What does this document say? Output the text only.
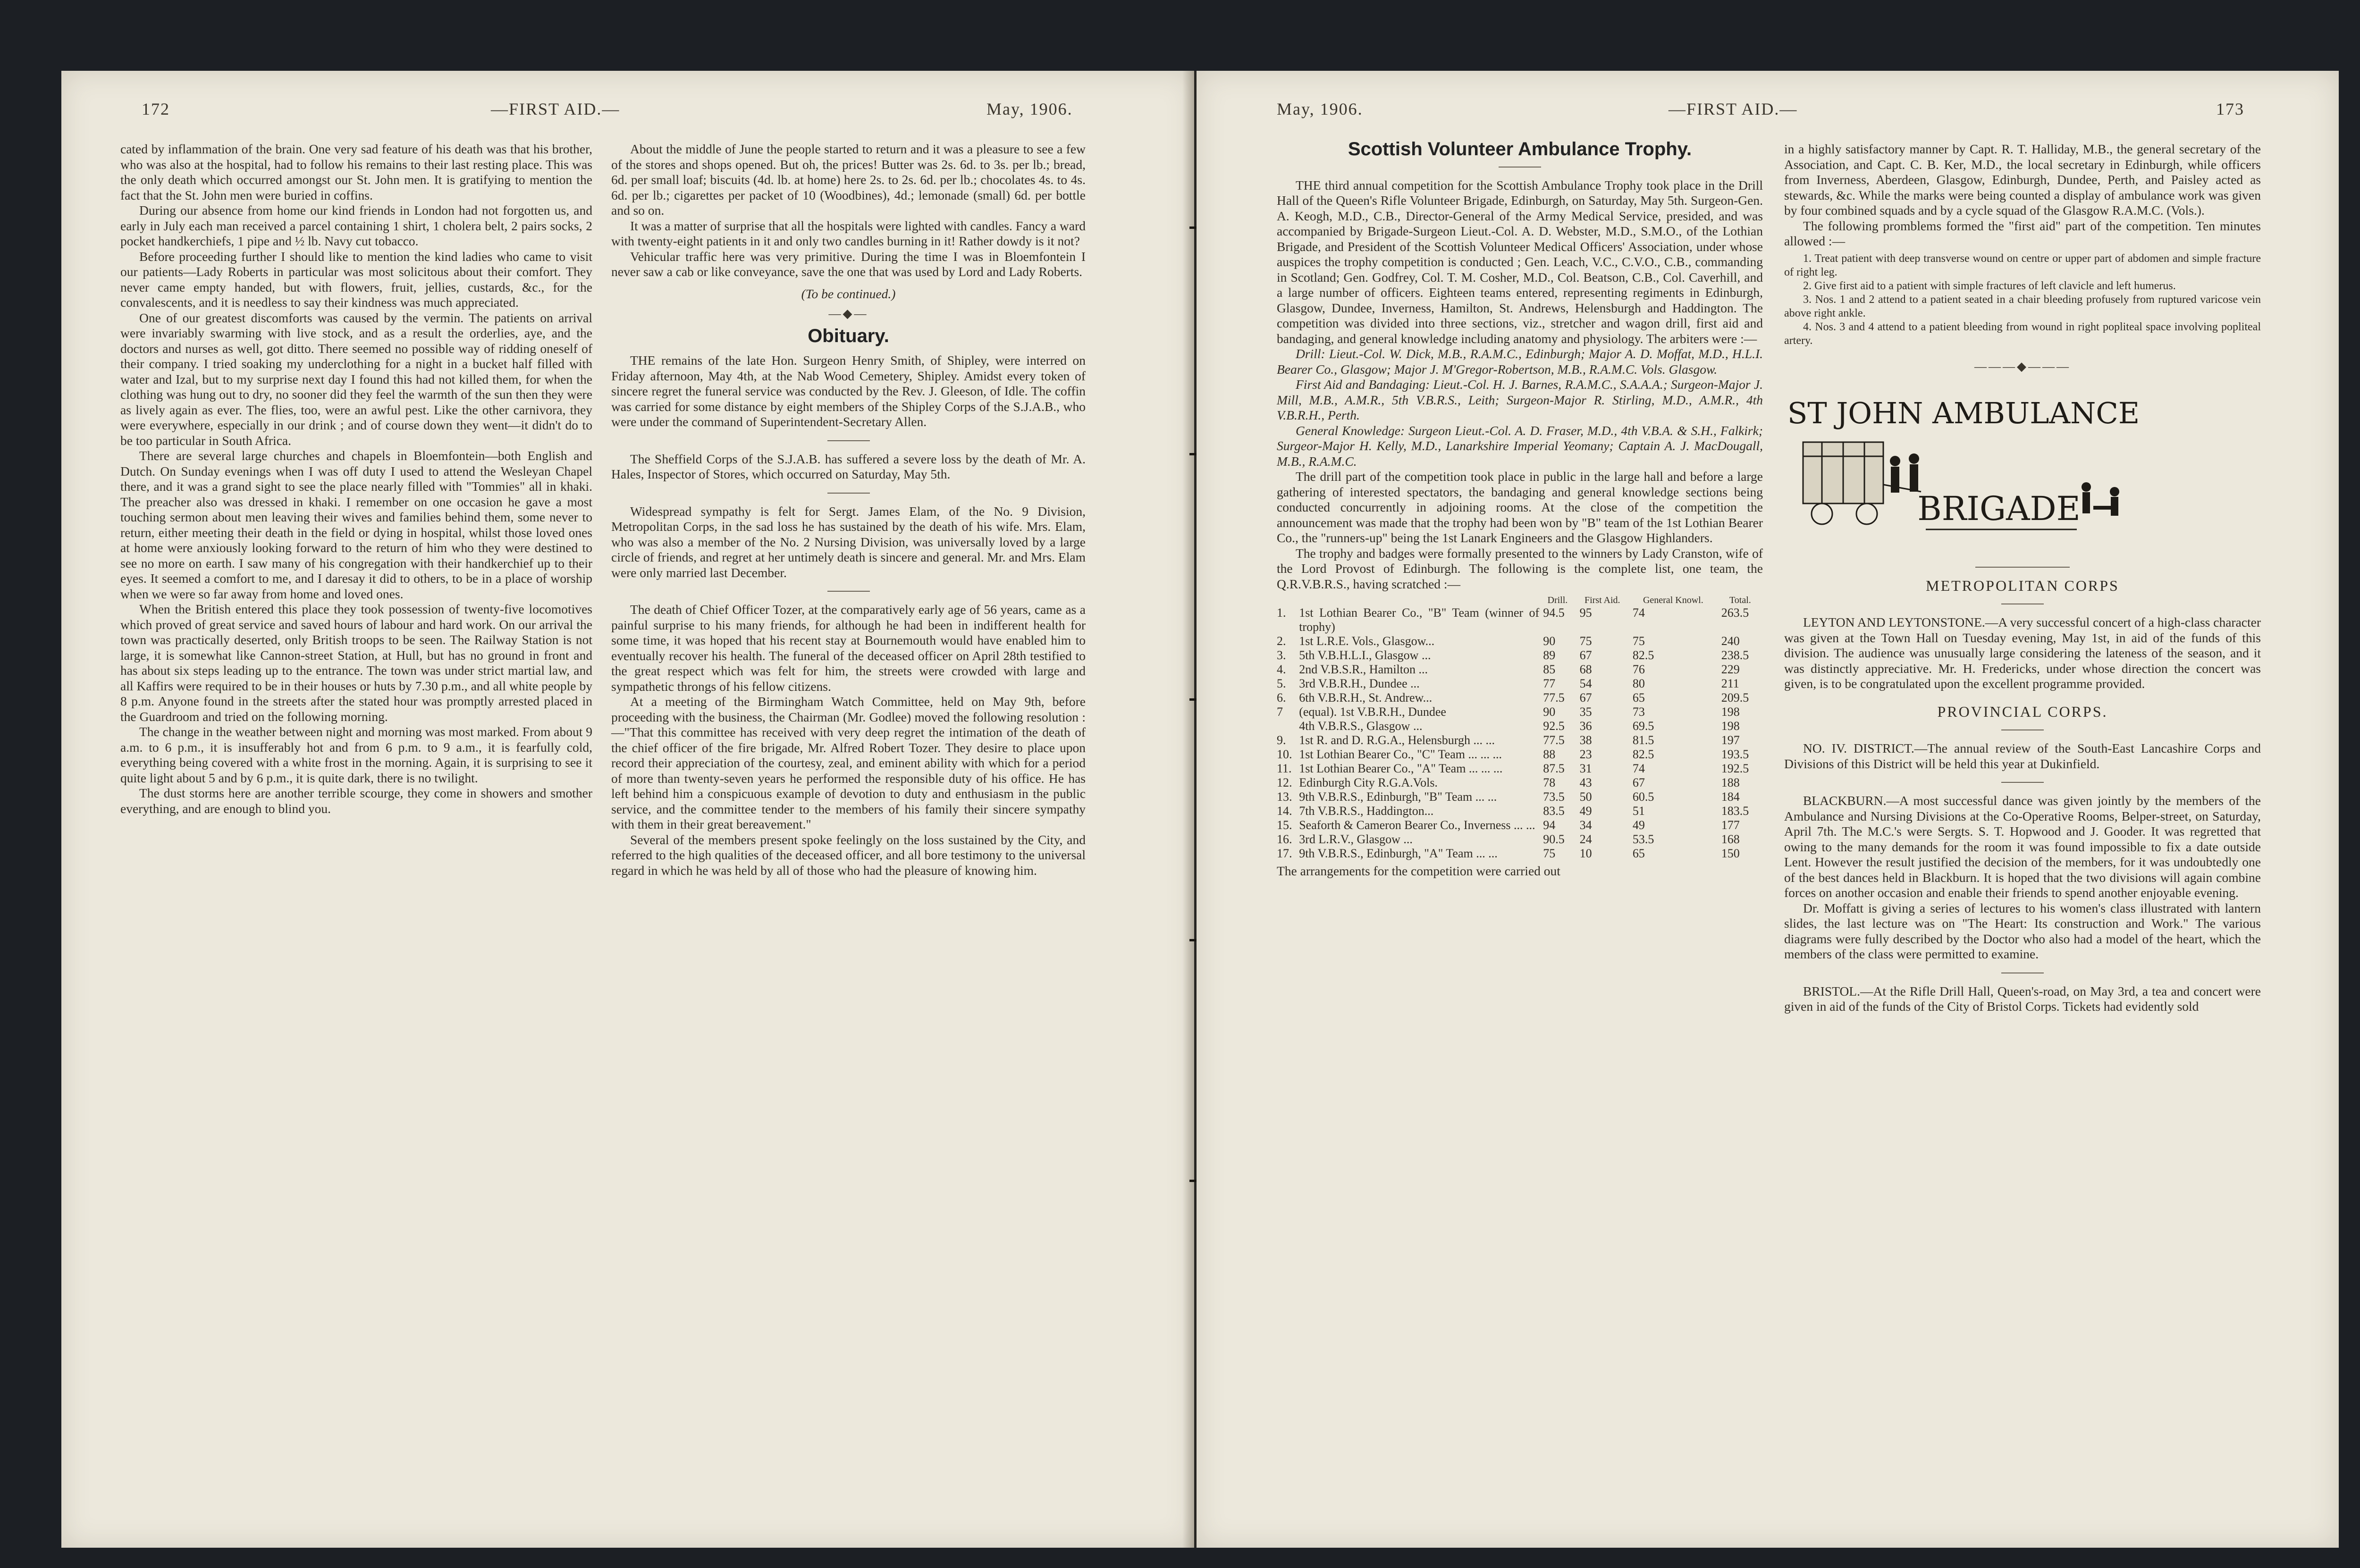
172	—FIRST AID.—	May, 1906.

cated by inflammation of the brain. One very sad feature of his death was that his brother, who was also at the hospital, had to follow his remains to their last resting place. This was the only death which occurred amongst our St. John men. It is gratifying to mention the fact that the St. John men were buried in coffins.

During our absence from home our kind friends in London had not forgotten us, and early in July each man received a parcel containing 1 shirt, 1 cholera belt, 2 pairs socks, 2 pocket handkerchiefs, 1 pipe and ½ lb. Navy cut tobacco.

Before proceeding further I should like to mention the kind ladies who came to visit our patients—Lady Roberts in particular was most solicitous about their comfort. They never came empty handed, but with flowers, fruit, jellies, custards, &c., for the convalescents, and it is needless to say their kindness was much appreciated.

One of our greatest discomforts was caused by the vermin. The patients on arrival were invariably swarming with live stock, and as a result the orderlies, aye, and the doctors and nurses as well, got ditto. There seemed no possible way of ridding oneself of their company. I tried soaking my underclothing for a night in a bucket half filled with water and Izal, but to my surprise next day I found this had not killed them, for when the clothing was hung out to dry, no sooner did they feel the warmth of the sun then they were as lively again as ever. The flies, too, were an awful pest. Like the other carnivora, they were everywhere, especially in our drink ; and of course down they went—it didn't do to be too particular in South Africa.

There are several large churches and chapels in Bloemfontein—both English and Dutch. On Sunday evenings when I was off duty I used to attend the Wesleyan Chapel there, and it was a grand sight to see the place nearly filled with "Tommies" all in khaki. The preacher also was dressed in khaki. I remember on one occasion he gave a most touching sermon about men leaving their wives and families behind them, some never to return, either meeting their death in the field or dying in hospital, whilst those loved ones at home were anxiously looking forward to the return of him who they were destined to see no more on earth. I saw many of his congregation with their handkerchief up to their eyes. It seemed a comfort to me, and I daresay it did to others, to be in a place of worship when we were so far away from home and loved ones.

When the British entered this place they took possession of twenty-five locomotives which proved of great service and saved hours of labour and hard work. On our arrival the town was practically deserted, only British troops to be seen. The Railway Station is not large, it is somewhat like Cannon-street Station, at Hull, but has no ground in front and has about six steps leading up to the entrance. The town was under strict martial law, and all Kaffirs were required to be in their houses or huts by 7.30 p.m., and all white people by 8 p.m. Anyone found in the streets after the stated hour was promptly arrested placed in the Guardroom and tried on the following morning.

The change in the weather between night and morning was most marked. From about 9 a.m. to 6 p.m., it is insufferably hot and from 6 p.m. to 9 a.m., it is fearfully cold, everything being covered with a white frost in the morning. Again, it is surprising to see it quite light about 5 and by 6 p.m., it is quite dark, there is no twilight.

The dust storms here are another terrible scourge, they come in showers and smother everything, and are enough to blind you.

About the middle of June the people started to return and it was a pleasure to see a few of the stores and shops opened. But oh, the prices! Butter was 2s. 6d. to 3s. per lb.; bread, 6d. per small loaf; biscuits (4d. lb. at home) here 2s. to 2s. 6d. per lb.; chocolates 4s. to 4s. 6d. per lb.; cigarettes per packet of 10 (Woodbines), 4d.; lemonade (small) 6d. per bottle and so on.

It was a matter of surprise that all the hospitals were lighted with candles. Fancy a ward with twenty-eight patients in it and only two candles burning in it! Rather dowdy is it not?

Vehicular traffic here was very primitive. During the time I was in Bloemfontein I never saw a cab or like conveyance, save the one that was used by Lord and Lady Roberts.

(To be continued.)

—◆—
Obituary.

THE remains of the late Hon. Surgeon Henry Smith, of Shipley, were interred on Friday afternoon, May 4th, at the Nab Wood Cemetery, Shipley. Amidst every token of sincere regret the funeral service was conducted by the Rev. J. Gleeson, of Idle. The coffin was carried for some distance by eight members of the Shipley Corps of the S.J.A.B., who were under the command of Superintendent-Secretary Allen.

The Sheffield Corps of the S.J.A.B. has suffered a severe loss by the death of Mr. A. Hales, Inspector of Stores, which occurred on Saturday, May 5th.

Widespread sympathy is felt for Sergt. James Elam, of the No. 9 Division, Metropolitan Corps, in the sad loss he has sustained by the death of his wife. Mrs. Elam, who was also a member of the No. 2 Nursing Division, was universally loved by a large circle of friends, and regret at her untimely death is sincere and general. Mr. and Mrs. Elam were only married last December.

The death of Chief Officer Tozer, at the comparatively early age of 56 years, came as a painful surprise to his many friends, for although he had been in indifferent health for some time, it was hoped that his recent stay at Bournemouth would have enabled him to eventually recover his health. The funeral of the deceased officer on April 28th testified to the great respect which was felt for him, the streets were crowded with large and sympathetic throngs of his fellow citizens.

At a meeting of the Birmingham Watch Committee, held on May 9th, before proceeding with the business, the Chairman (Mr. Godlee) moved the following resolution :—"That this committee has received with very deep regret the intimation of the death of the chief officer of the fire brigade, Mr. Alfred Robert Tozer. They desire to place upon record their appreciation of the courtesy, zeal, and eminent ability with which for a period of more than twenty-seven years he performed the responsible duty of his office. He has left behind him a conspicuous example of devotion to duty and enthusiasm in the public service, and the committee tender to the members of his family their sincere sympathy with them in their great bereavement."

Several of the members present spoke feelingly on the loss sustained by the City, and referred to the high qualities of the deceased officer, and all bore testimony to the universal regard in which he was held by all of those who had the pleasure of knowing him.

May, 1906.	—FIRST AID.—	173
Scottish Volunteer Ambulance Trophy.

THE third annual competition for the Scottish Ambulance Trophy took place in the Drill Hall of the Queen's Rifle Volunteer Brigade, Edinburgh, on Saturday, May 5th. Surgeon-Gen. A. Keogh, M.D., C.B., Director-General of the Army Medical Service, presided, and was accompanied by Brigade-Surgeon Lieut.-Col. A. D. Webster, M.D., S.M.O., of the Lothian Brigade, and President of the Scottish Volunteer Medical Officers' Association, under whose auspices the trophy competition is conducted ; Gen. Leach, V.C., C.V.O., C.B., commanding in Scotland; Gen. Godfrey, Col. T. M. Cosher, M.D., Col. Beatson, C.B., Col. Caverhill, and a large number of officers. Eighteen teams entered, representing regiments in Edinburgh, Glasgow, Dundee, Inverness, Hamilton, St. Andrews, Helensburgh and Haddington. The competition was divided into three sections, viz., stretcher and wagon drill, first aid and bandaging, and general knowledge including anatomy and physiology. The arbiters were :—

Drill: Lieut.-Col. W. Dick, M.B., R.A.M.C., Edinburgh; Major A. D. Moffat, M.D., H.L.I. Bearer Co., Glasgow; Major J. M'Gregor-Robertson, M.B., R.A.M.C. Vols. Glasgow.

First Aid and Bandaging: Lieut.-Col. H. J. Barnes, R.A.M.C., S.A.A.A.; Surgeon-Major J. Mill, M.B., A.M.R., 5th V.B.R.S., Leith; Surgeon-Major R. Stirling, M.D., A.M.R., 4th V.B.R.H., Perth.

General Knowledge: Surgeon Lieut.-Col. A. D. Fraser, M.D., 4th V.B.A. & S.H., Falkirk; Surgeor-Major H. Kelly, M.D., Lanarkshire Imperial Yeomany; Captain A. J. MacDougall, M.B., R.A.M.C.

The drill part of the competition took place in public in the large hall and before a large gathering of interested spectators, the bandaging and general knowledge sections being conducted concurrently in adjoining rooms. At the close of the competition the announcement was made that the trophy had been won by "B" team of the 1st Lothian Bearer Co., the "runners-up" being the 1st Lanark Engineers and the Glasgow Highlanders.

The trophy and badges were formally presented to the winners by Lady Cranston, wife of the Lord Provost of Edinburgh. The following is the complete list, one team, the Q.R.V.B.R.S., having scratched :—

		Drill.	First Aid.	General Knowl.	Total.
1.	1st Lothian Bearer Co., "B" Team (winner of trophy)	94.5	95	74	263.5
2.	1st L.R.E. Vols., Glasgow...	90	75	75	240
3.	5th V.B.H.L.I., Glasgow ...	89	67	82.5	238.5
4.	2nd V.B.S.R., Hamilton ...	85	68	76	229
5.	3rd V.B.R.H., Dundee ...	77	54	80	211
6.	6th V.B.R.H., St. Andrew...	77.5	67	65	209.5
7	(equal). 1st V.B.R.H., Dundee	90	35	73	198
	4th V.B.R.S., Glasgow ...	92.5	36	69.5	198
9.	1st R. and D. R.G.A., Helensburgh ... ...	77.5	38	81.5	197
10.	1st Lothian Bearer Co., "C" Team ... ... ...	88	23	82.5	193.5
11.	1st Lothian Bearer Co., "A" Team ... ... ...	87.5	31	74	192.5
12.	Edinburgh City R.G.A.Vols.	78	43	67	188
13.	9th V.B.R.S., Edinburgh, "B" Team ... ...	73.5	50	60.5	184
14.	7th V.B.R.S., Haddington...	83.5	49	51	183.5
15.	Seaforth & Cameron Bearer Co., Inverness ... ...	94	34	49	177
16.	3rd L.R.V., Glasgow ...	90.5	24	53.5	168
17.	9th V.B.R.S., Edinburgh, "A" Team ... ...	75	10	65	150

The arrangements for the competition were carried out

in a highly satisfactory manner by Capt. R. T. Halliday, M.B., the general secretary of the Association, and Capt. C. B. Ker, M.D., the local secretary in Edinburgh, while officers from Inverness, Aberdeen, Glasgow, Edinburgh, Dundee, Perth, and Paisley acted as stewards, &c. While the marks were being counted a display of ambulance work was given by four combined squads and by a cycle squad of the Glasgow R.A.M.C. (Vols.).

The following promblems formed the "first aid" part of the competition. Ten minutes allowed :—

1. Treat patient with deep transverse wound on centre or upper part of abdomen and simple fracture of right leg.

2. Give first aid to a patient with simple fractures of left clavicle and left humerus.

3. Nos. 1 and 2 attend to a patient seated in a chair bleeding profusely from ruptured varicose vein above right ankle.

4. Nos. 3 and 4 attend to a patient bleeding from wound in right popliteal space involving popliteal artery.

———◆———
ST JOHN AMBULANCE
BRIGADE
METROPOLITAN CORPS

LEYTON AND LEYTONSTONE.—A very successful concert of a high-class character was given at the Town Hall on Tuesday evening, May 1st, in aid of the funds of this division. The audience was unusually large considering the lateness of the season, and it was distinctly appreciative. Mr. H. Fredericks, under whose direction the concert was given, is to be congratulated upon the excellent programme provided.

PROVINCIAL CORPS.

NO. IV. DISTRICT.—The annual review of the South-East Lancashire Corps and Divisions of this District will be held this year at Dukinfield.

BLACKBURN.—A most successful dance was given jointly by the members of the Ambulance and Nursing Divisions at the Co-Operative Rooms, Belper-street, on Saturday, April 7th. The M.C.'s were Sergts. S. T. Hopwood and J. Gooder. It was regretted that owing to the many demands for the room it was found impossible to fix a date outside Lent. However the result justified the decision of the members, for it was undoubtedly one of the best dances held in Blackburn. It is hoped that the two divisions will again combine forces on another occasion and enable their friends to spend another enjoyable evening.

Dr. Moffatt is giving a series of lectures to his women's class illustrated with lantern slides, the last lecture was on "The Heart: Its construction and Work." The various diagrams were fully described by the Doctor who also had a model of the heart, which the members of the class were permitted to examine.

BRISTOL.—At the Rifle Drill Hall, Queen's-road, on May 3rd, a tea and concert were given in aid of the funds of the City of Bristol Corps. Tickets had evidently sold
